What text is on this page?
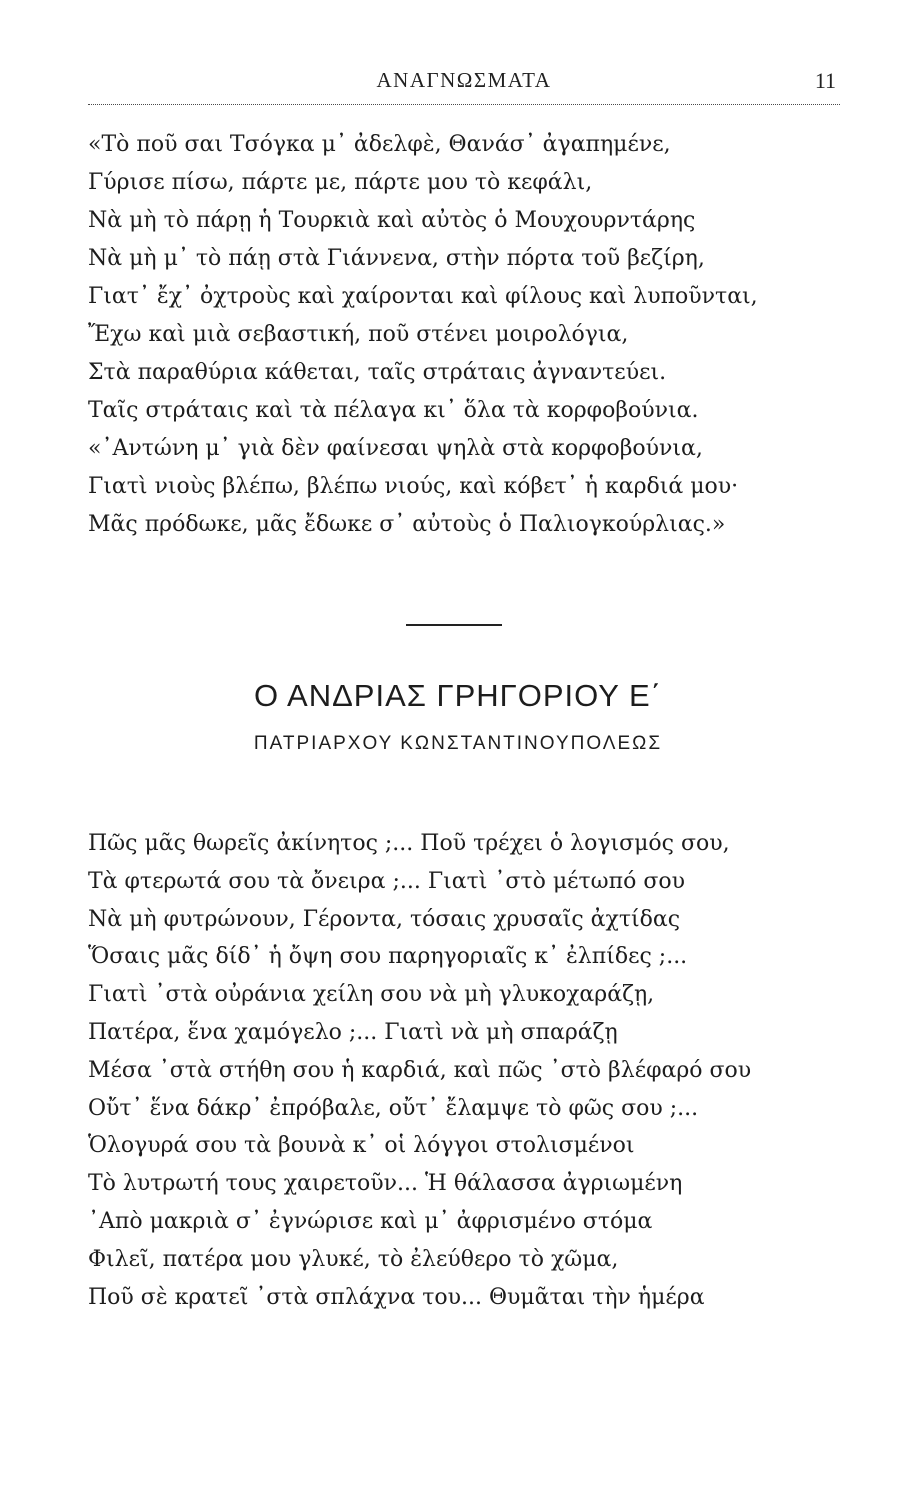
ΑΝΑΓΝΩΣΜΑΤΑ	11
«Τὸ ποῦ σαι Τσόγκα μ᾽ ἀδελφὲ, Θανάσ᾽ ἀγαπημένε,
Γύρισε πίσω, πάρτε με, πάρτε μου τὸ κεφάλι,
Νὰ μὴ τὸ πάρῃ ἡ Τουρκιὰ καὶ αὐτὸς ὁ Μουχουρντάρης
Νὰ μὴ μ᾽ τὸ πάῃ στὰ Γιάννενα, στὴν πόρτα τοῦ βεζίρη,
Γιατ᾽ ἔχ᾽ ὀχτροὺς καὶ χαίρονται καὶ φίλους καὶ λυποῦνται,
Ἔχω καὶ μιὰ σεβαστική, ποῦ στένει μοιρολόγια,
Στὰ παραθύρια κάθεται, ταῖς στράταις ἀγναντεύει.
Ταῖς στράταις καὶ τὰ πέλαγα κι᾽ ὅλα τὰ κορφοβούνια.
«᾽Αντώνη μ᾽ γιὰ δὲν φαίνεσαι ψηλὰ στὰ κορφοβούνια,
Γιατὶ νιοὺς βλέπω, βλέπω νιούς, καὶ κόβετ᾽ ἡ καρδιά μου·
Μᾶς πρόδωκε, μᾶς ἔδωκε σ᾽ αὐτοὺς ὁ Παλιογκούρλιας.»
Ο ΑΝΔΡΙΑΣ ΓΡΗΓΟΡΙΟΥ Ε΄
ΠΑΤΡΙΑΡΧΟΥ ΚΩΝΣΤΑΝΤΙΝΟΥΠΟΛΕΩΣ
Πῶς μᾶς θωρεῖς ἀκίνητος ;... Ποῦ τρέχει ὁ λογισμός σου,
Τὰ φτερωτά σου τὰ ὄνειρα ;... Γιατὶ ᾽στὸ μέτωπό σου
Νὰ μὴ φυτρώνουν, Γέροντα, τόσαις χρυσαῖς ἀχτίδας
Ὅσαις μᾶς δίδ᾽ ἡ ὄψη σου παρηγοριαῖς κ᾽ ἐλπίδες ;...
Γιατὶ ᾽στὰ οὐράνια χείλη σου νὰ μὴ γλυκοχαράζῃ,
Πατέρα, ἕνα χαμόγελο ;... Γιατὶ νὰ μὴ σπαράζῃ
Μέσα ᾽στὰ στήθη σου ἡ καρδιά, καὶ πῶς ᾽στὸ βλέφαρό σου
Οὔτ᾽ ἕνα δάκρ᾽ ἐπρόβαλε, οὔτ᾽ ἔλαμψε τὸ φῶς σου ;...
Ὁλογυρά σου τὰ βουνὰ κ᾽ οἱ λόγγοι στολισμένοι
Τὸ λυτρωτή τους χαιρετοῦν... Ἡ θάλασσα ἀγριωμένη
᾽Απὸ μακριὰ σ᾽ ἐγνώρισε καὶ μ᾽ ἀφρισμένο στόμα
Φιλεῖ, πατέρα μου γλυκέ, τὸ ἐλεύθερο τὸ χῶμα,
Ποῦ σὲ κρατεῖ ᾽στὰ σπλάχνα του... Θυμᾶται τὴν ἡμέρα
